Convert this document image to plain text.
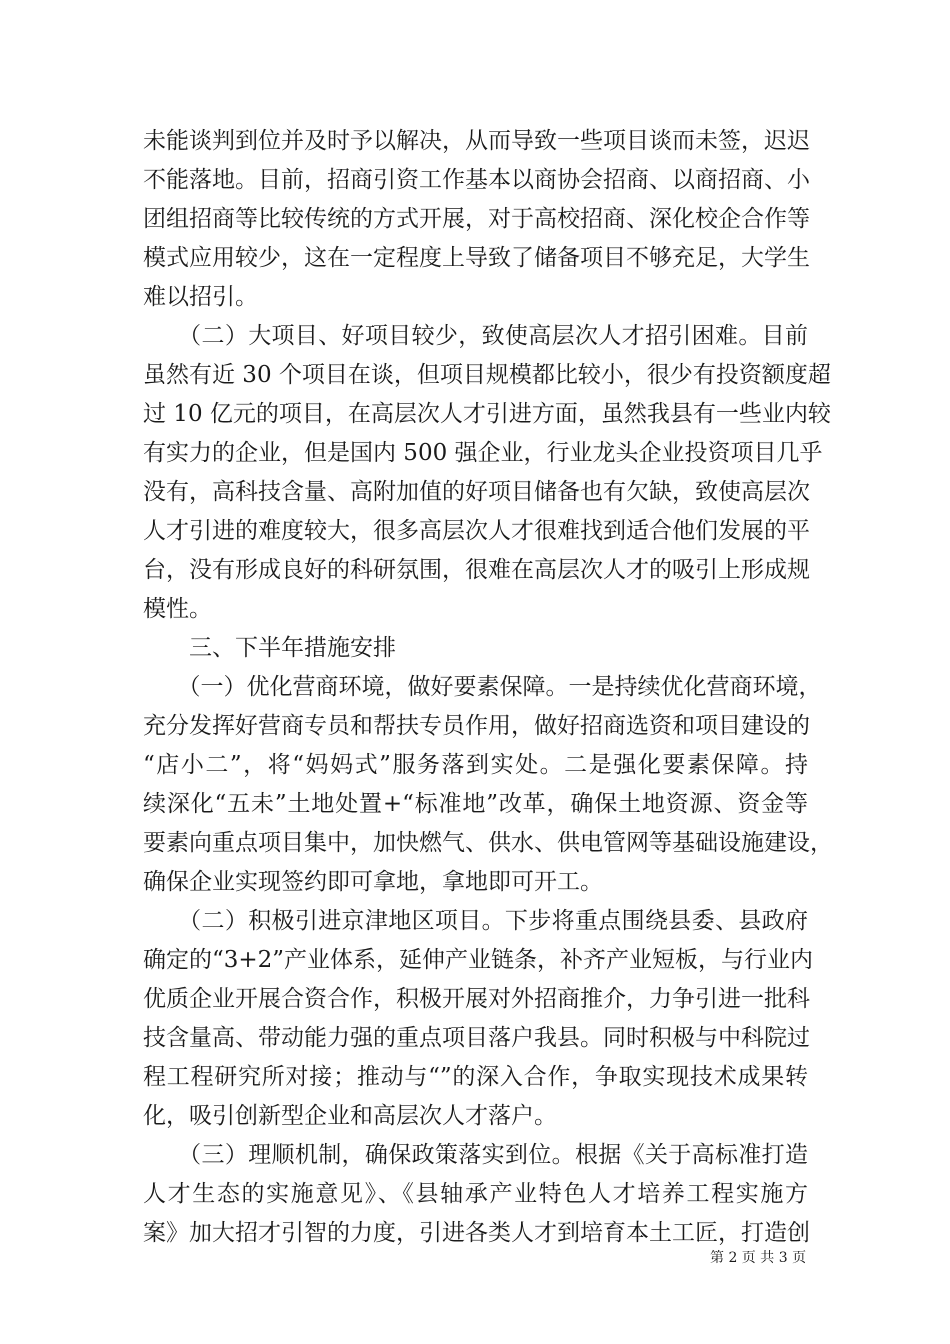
未能谈判到位并及时予以解决，从而导致一些项目谈而未签，迟迟
不能落地。目前，招商引资工作基本以商协会招商、以商招商、小
团组招商等比较传统的方式开展，对于高校招商、深化校企合作等
模式应用较少，这在一定程度上导致了储备项目不够充足，大学生
难以招引。
　　（二）大项目、好项目较少，致使高层次人才招引困难。目前
虽然有近 30 个项目在谈，但项目规模都比较小，很少有投资额度超
过 10 亿元的项目，在高层次人才引进方面，虽然我县有一些业内较
有实力的企业，但是国内 500 强企业，行业龙头企业投资项目几乎
没有，高科技含量、高附加值的好项目储备也有欠缺，致使高层次
人才引进的难度较大，很多高层次人才很难找到适合他们发展的平
台，没有形成良好的科研氛围，很难在高层次人才的吸引上形成规
模性。
　　三、下半年措施安排
　　（一）优化营商环境，做好要素保障。一是持续优化营商环境，
充分发挥好营商专员和帮扶专员作用，做好招商选资和项目建设的
“店小二”，将“妈妈式”服务落到实处。二是强化要素保障。持
续深化“五未”土地处置+“标准地”改革，确保土地资源、资金等
要素向重点项目集中，加快燃气、供水、供电管网等基础设施建设，
确保企业实现签约即可拿地，拿地即可开工。
　　（二）积极引进京津地区项目。下步将重点围绕县委、县政府
确定的“3+2”产业体系，延伸产业链条，补齐产业短板，与行业内
优质企业开展合资合作，积极开展对外招商推介，力争引进一批科
技含量高、带动能力强的重点项目落户我县。同时积极与中科院过
程工程研究所对接；推动与“”的深入合作，争取实现技术成果转
化，吸引创新型企业和高层次人才落户。
　　（三）理顺机制，确保政策落实到位。根据《关于高标准打造
人才生态的实施意见》、《县轴承产业特色人才培养工程实施方
案》加大招才引智的力度，引进各类人才到培育本土工匠，打造创
第 2 页 共 3 页
